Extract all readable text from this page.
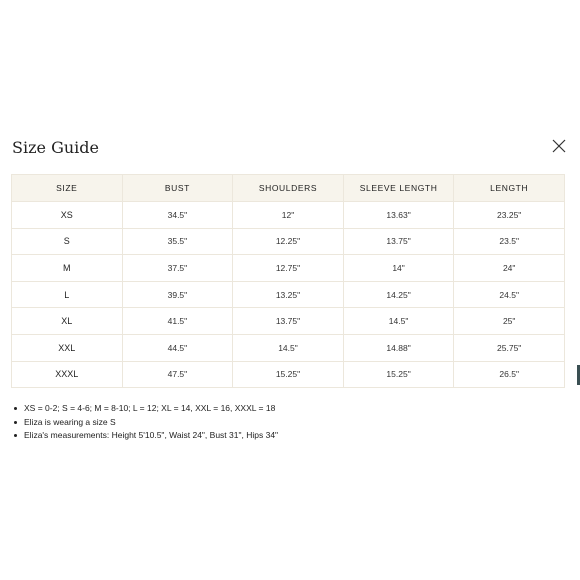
Size Guide
SIZE	BUST	SHOULDERS	SLEEVE LENGTH	LENGTH
XS	34.5"	12"	13.63"	23.25"
S	35.5"	12.25"	13.75"	23.5"
M	37.5"	12.75"	14"	24"
L	39.5"	13.25"	14.25"	24.5"
XL	41.5"	13.75"	14.5"	25"
XXL	44.5"	14.5"	14.88"	25.75"
XXXL	47.5"	15.25"	15.25"	26.5"
XS = 0-2; S = 4-6; M = 8-10; L = 12; XL = 14, XXL = 16, XXXL = 18
Eliza is wearing a size S
Eliza's measurements: Height 5'10.5", Waist 24", Bust 31", Hips 34"
